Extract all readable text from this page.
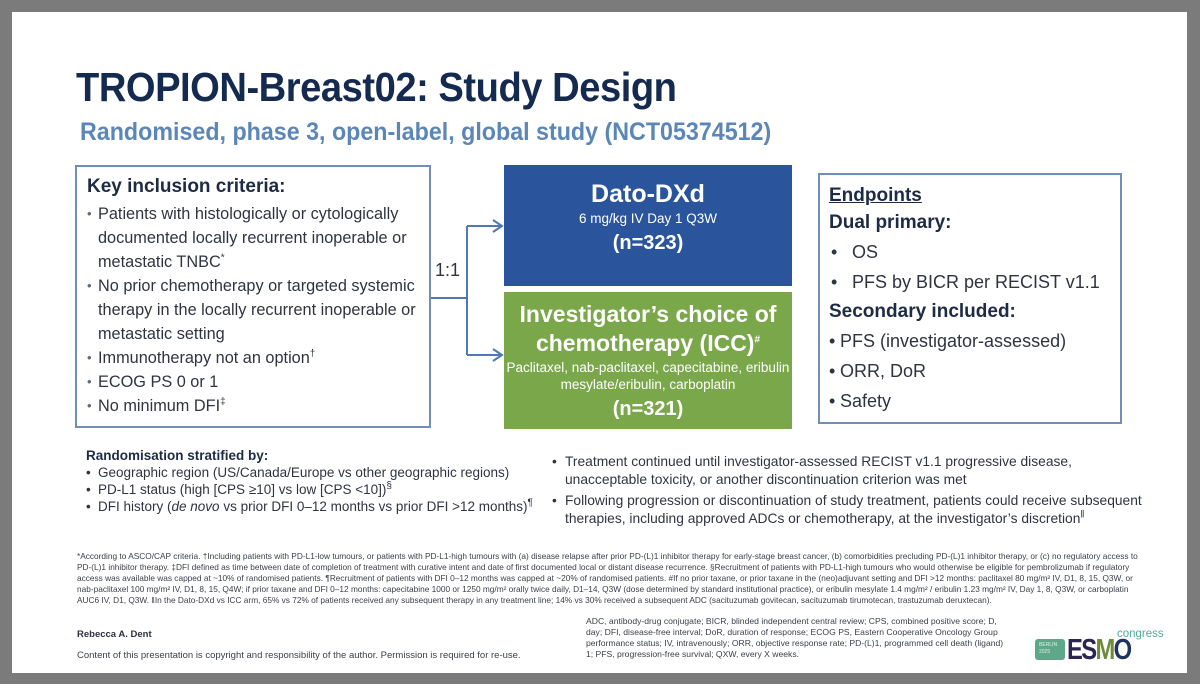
TROPION-Breast02: Study Design
Randomised, phase 3, open-label, global study (NCT05374512)
Key inclusion criteria:
• Patients with histologically or cytologically documented locally recurrent inoperable or metastatic TNBC*
• No prior chemotherapy or targeted systemic therapy in the locally recurrent inoperable or metastatic setting
• Immunotherapy not an option†
• ECOG PS 0 or 1
• No minimum DFI‡
1:1
Dato-DXd
6 mg/kg IV Day 1 Q3W
(n=323)
Investigator’s choice of chemotherapy (ICC)#
Paclitaxel, nab-paclitaxel, capecitabine, eribulin mesylate/eribulin, carboplatin
(n=321)
Endpoints
Dual primary:
• OS
• PFS by BICR per RECIST v1.1
Secondary included:
• PFS (investigator-assessed)
• ORR, DoR
• Safety
Randomisation stratified by:
• Geographic region (US/Canada/Europe vs other geographic regions)
• PD-L1 status (high [CPS ≥10] vs low [CPS <10])§
• DFI history (de novo vs prior DFI 0–12 months vs prior DFI >12 months)¶
• Treatment continued until investigator-assessed RECIST v1.1 progressive disease, unacceptable toxicity, or another discontinuation criterion was met
• Following progression or discontinuation of study treatment, patients could receive subsequent therapies, including approved ADCs or chemotherapy, at the investigator’s discretion‖
*According to ASCO/CAP criteria. †Including patients with PD-L1-low tumours, or patients with PD-L1-high tumours with (a) disease relapse after prior PD-(L)1 inhibitor therapy for early-stage breast cancer, (b) comorbidities precluding PD-(L)1 inhibitor therapy, or (c) no regulatory access to PD-(L)1 inhibitor therapy. ‡DFI defined as time between date of completion of treatment with curative intent and date of first documented local or distant disease recurrence. §Recruitment of patients with PD-L1-high tumours who would otherwise be eligible for pembrolizumab if regulatory access was available was capped at ~10% of randomised patients. ¶Recruitment of patients with DFI 0–12 months was capped at ~20% of randomised patients. #If no prior taxane, or prior taxane in the (neo)adjuvant setting and DFI >12 months: paclitaxel 80 mg/m² IV, D1, 8, 15, Q3W, or nab-paclitaxel 100 mg/m² IV, D1, 8, 15, Q4W; if prior taxane and DFI 0–12 months: capecitabine 1000 or 1250 mg/m² orally twice daily, D1–14, Q3W (dose determined by standard institutional practice), or eribulin mesylate 1.4 mg/m² / eribulin 1.23 mg/m² IV, Day 1, 8, Q3W, or carboplatin AUC6 IV, D1, Q3W. ‖In the Dato-DXd vs ICC arm, 65% vs 72% of patients received any subsequent therapy in any treatment line; 14% vs 30% received a subsequent ADC (sacituzumab govitecan, sacituzumab tirumotecan, trastuzumab deruxtecan).
Rebecca A. Dent
Content of this presentation is copyright and responsibility of the author. Permission is required for re-use.
ADC, antibody-drug conjugate; BICR, blinded independent central review; CPS, combined positive score; D, day; DFI, disease-free interval; DoR, duration of response; ECOG PS, Eastern Cooperative Oncology Group performance status; IV, intravenously; ORR, objective response rate; PD-(L)1, programmed cell death (ligand) 1; PFS, progression-free survival; QXW, every X weeks.
BERLIN 2025 ESMO
congress
